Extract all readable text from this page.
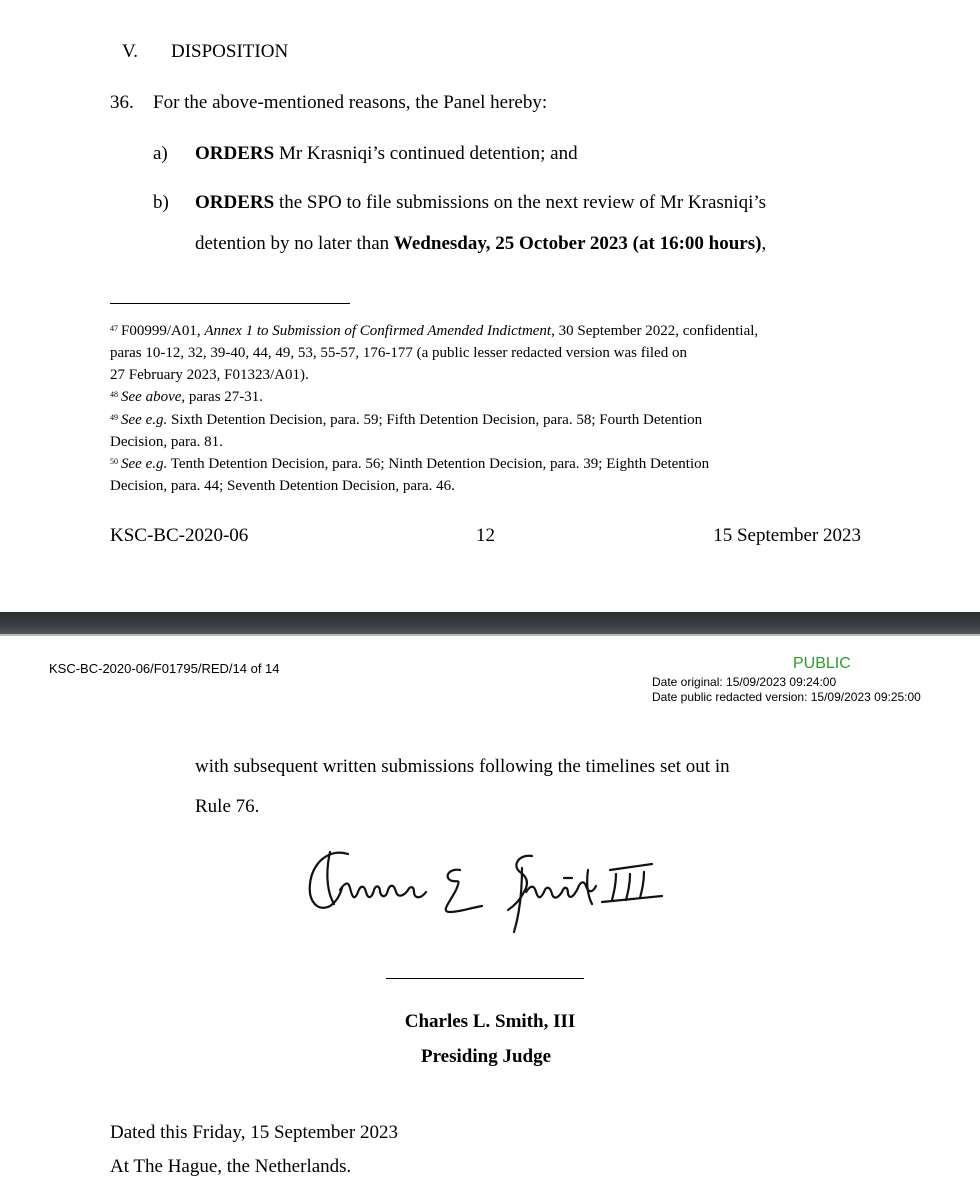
V. DISPOSITION
36. For the above-mentioned reasons, the Panel hereby:
a) ORDERS Mr Krasniqi’s continued detention; and
b) ORDERS the SPO to file submissions on the next review of Mr Krasniqi’s
detention by no later than Wednesday, 25 October 2023 (at 16:00 hours),
$^{47}$ F00999/A01, Annex 1 to Submission of Confirmed Amended Indictment, 30 September 2022, confidential,
paras 10-12, 32, 39-40, 44, 49, 53, 55-57, 176-177 (a public lesser redacted version was filed on
27 February 2023, F01323/A01).
$^{48}$ See above, paras 27-31.
$^{49}$ See e.g. Sixth Detention Decision, para. 59; Fifth Detention Decision, para. 58; Fourth Detention
Decision, para. 81.
$^{50}$ See e.g. Tenth Detention Decision, para. 56; Ninth Detention Decision, para. 39; Eighth Detention
Decision, para. 44; Seventh Detention Decision, para. 46.
KSC-BC-2020-06	12	15 September 2023
KSC-BC-2020-06/F01795/RED/14 of 14	PUBLIC
Date original: 15/09/2023 09:24:00
Date public redacted version: 15/09/2023 09:25:00
with subsequent written submissions following the timelines set out in
Rule 76.
Charles L. Smith, III
Presiding Judge
Dated this Friday, 15 September 2023
At The Hague, the Netherlands.
